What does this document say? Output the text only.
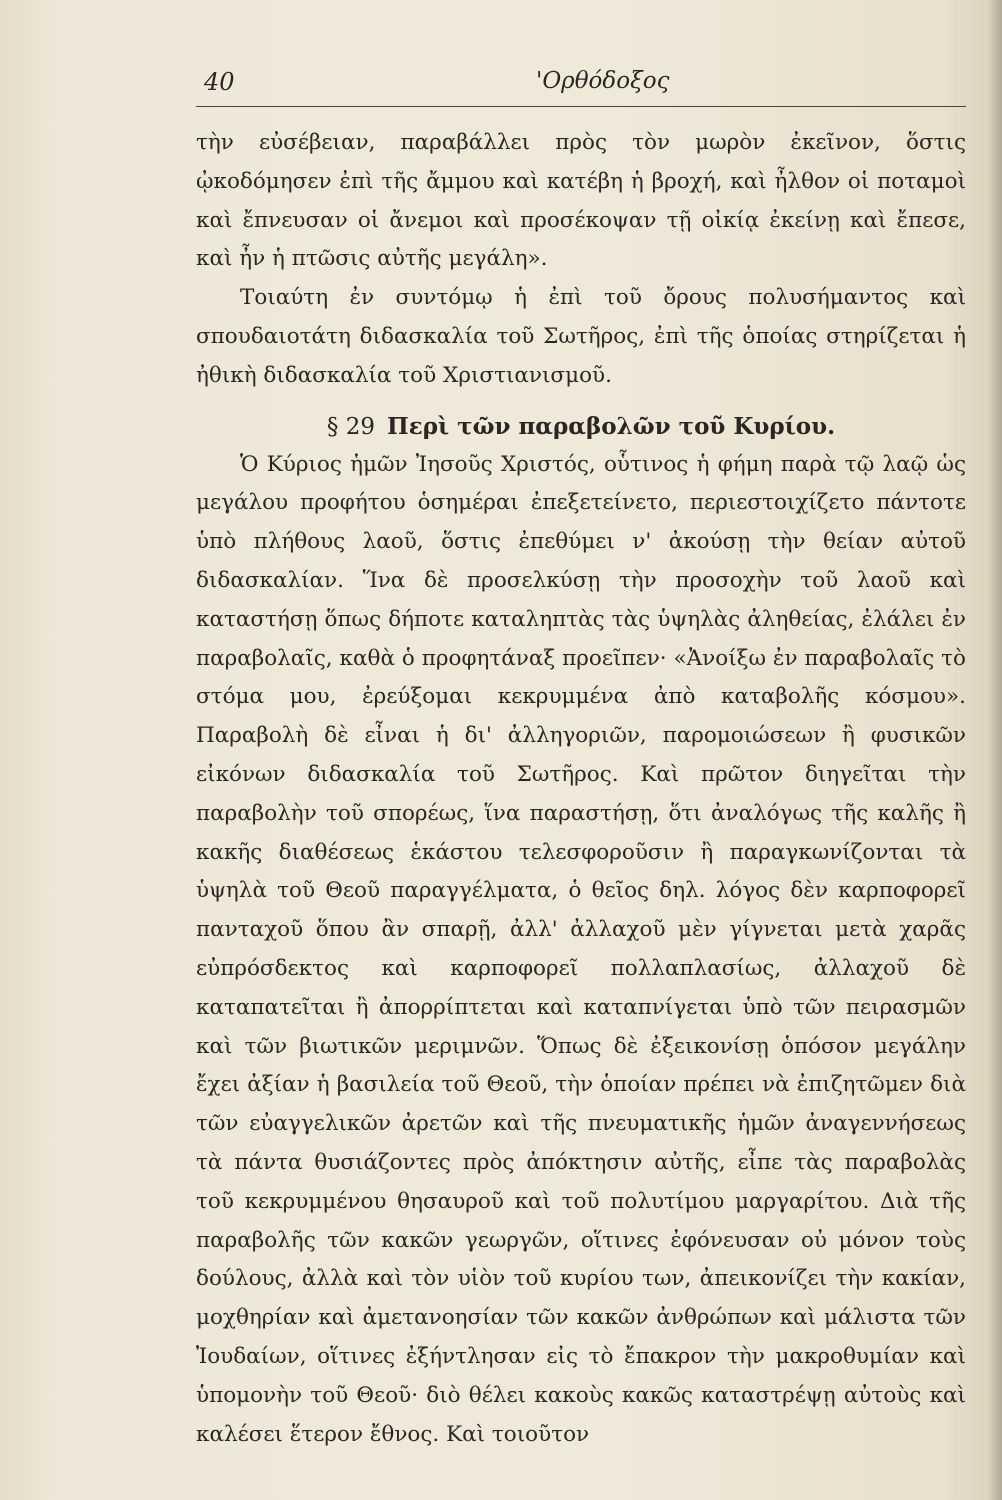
40	'Ορθόδοξος

τὴν εὐσέβειαν, παραβάλλει πρὸς τὸν μωρὸν ἐκεῖνον, ὅστις ᾠκοδόμησεν ἐπὶ τῆς ἄμμου καὶ κατέβη ἡ βροχή, καὶ ἦλθον οἱ ποταμοὶ καὶ ἔπνευσαν οἱ ἄνεμοι καὶ προσέκοψαν τῇ οἰκίᾳ ἐκείνῃ καὶ ἔπεσε, καὶ ἦν ἡ πτῶσις αὐτῆς μεγάλη».

Τοιαύτη ἐν συντόμῳ ἡ ἐπὶ τοῦ ὄρους πολυσήμαντος καὶ σπουδαιοτάτη διδασκαλία τοῦ Σωτῆρος, ἐπὶ τῆς ὁποίας στηρίζεται ἡ ἠθικὴ διδασκαλία τοῦ Χριστιανισμοῦ.

§ 29 Περὶ τῶν παραβολῶν τοῦ Κυρίου.

Ὁ Κύριος ἡμῶν Ἰησοῦς Χριστός, οὗτινος ἡ φήμη παρὰ τῷ λαῷ ὡς μεγάλου προφήτου ὁσημέραι ἐπεξετείνετο, περιεστοιχίζετο πάντοτε ὑπὸ πλήθους λαοῦ, ὅστις ἐπεθύμει ν' ἀκούσῃ τὴν θείαν αὐτοῦ διδασκαλίαν. Ἵνα δὲ προσελκύσῃ τὴν προσοχὴν τοῦ λαοῦ καὶ καταστήσῃ ὅπως δήποτε καταληπτὰς τὰς ὑψηλὰς ἀληθείας, ἐλάλει ἐν παραβολαῖς, καθὰ ὁ προφητάναξ προεῖπεν· «Ἀνοίξω ἐν παραβολαῖς τὸ στόμα μου, ἐρεύξομαι κεκρυμμένα ἀπὸ καταβολῆς κόσμου». Παραβολὴ δὲ εἶναι ἡ δι' ἀλληγοριῶν, παρομοιώσεων ἢ φυσικῶν εἰκόνων διδασκαλία τοῦ Σωτῆρος. Καὶ πρῶτον διηγεῖται τὴν παραβολὴν τοῦ σπορέως, ἵνα παραστήσῃ, ὅτι ἀναλόγως τῆς καλῆς ἢ κακῆς διαθέσεως ἑκάστου τελεσφοροῦσιν ἢ παραγκωνίζονται τὰ ὑψηλὰ τοῦ Θεοῦ παραγγέλματα, ὁ θεῖος δηλ. λόγος δὲν καρποφορεῖ πανταχοῦ ὅπου ἂν σπαρῇ, ἀλλ' ἀλλαχοῦ μὲν γίγνεται μετὰ χαρᾶς εὐπρόσδεκτος καὶ καρποφορεῖ πολλαπλασίως, ἀλλαχοῦ δὲ καταπατεῖται ἢ ἀπορρίπτεται καὶ καταπνίγεται ὑπὸ τῶν πειρασμῶν καὶ τῶν βιωτικῶν μεριμνῶν. Ὅπως δὲ ἐξεικονίσῃ ὁπόσον μεγάλην ἔχει ἀξίαν ἡ βασιλεία τοῦ Θεοῦ, τὴν ὁποίαν πρέπει νὰ ἐπιζητῶμεν διὰ τῶν εὐαγγελικῶν ἀρετῶν καὶ τῆς πνευματικῆς ἡμῶν ἀναγεννήσεως τὰ πάντα θυσιάζοντες πρὸς ἀπόκτησιν αὐτῆς, εἶπε τὰς παραβολὰς τοῦ κεκρυμμένου θησαυροῦ καὶ τοῦ πολυτίμου μαργαρίτου. Διὰ τῆς παραβολῆς τῶν κακῶν γεωργῶν, οἵτινες ἐφόνευσαν οὐ μόνον τοὺς δούλους, ἀλλὰ καὶ τὸν υἱὸν τοῦ κυρίου των, ἀπεικονίζει τὴν κακίαν, μοχθηρίαν καὶ ἀμετανοησίαν τῶν κακῶν ἀνθρώπων καὶ μάλιστα τῶν Ἰουδαίων, οἵτινες ἐξήντλησαν εἰς τὸ ἔπακρον τὴν μακροθυμίαν καὶ ὑπομονὴν τοῦ Θεοῦ· διὸ θέλει κακοὺς κακῶς καταστρέψῃ αὐτοὺς καὶ καλέσει ἕτερον ἔθνος. Καὶ τοιοῦτον
